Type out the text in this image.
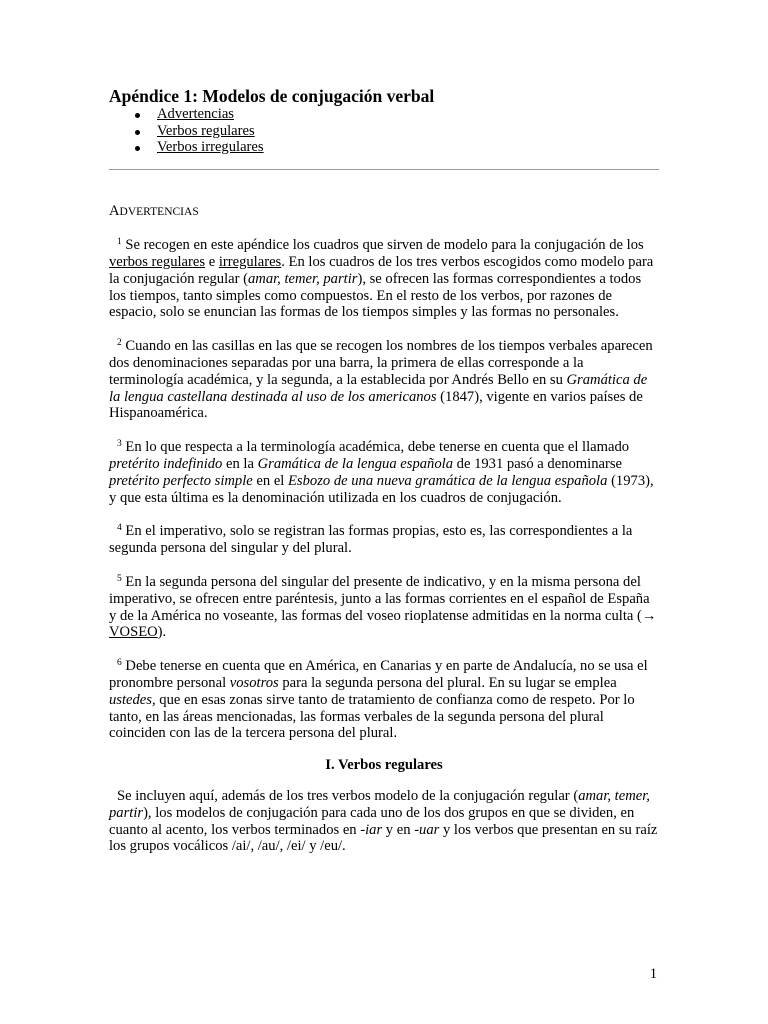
Apéndice 1: Modelos de conjugación verbal
Advertencias
Verbos regulares
Verbos irregulares
ADVERTENCIAS

$^1$ Se recogen en este apéndice los cuadros que sirven de modelo para la conjugación de los verbos regulares e irregulares. En los cuadros de los tres verbos escogidos como modelo para la conjugación regular (amar, temer, partir), se ofrecen las formas correspondientes a todos los tiempos, tanto simples como compuestos. En el resto de los verbos, por razones de espacio, solo se enuncian las formas de los tiempos simples y las formas no personales.

$^2$ Cuando en las casillas en las que se recogen los nombres de los tiempos verbales aparecen dos denominaciones separadas por una barra, la primera de ellas corresponde a la terminología académica, y la segunda, a la establecida por Andrés Bello en su Gramática de la lengua castellana destinada al uso de los americanos (1847), vigente en varios países de Hispanoamérica.

$^3$ En lo que respecta a la terminología académica, debe tenerse en cuenta que el llamado pretérito indefinido en la Gramática de la lengua española de 1931 pasó a denominarse pretérito perfecto simple en el Esbozo de una nueva gramática de la lengua española (1973), y que esta última es la denominación utilizada en los cuadros de conjugación.

$^4$ En el imperativo, solo se registran las formas propias, esto es, las correspondientes a la segunda persona del singular y del plural.

$^5$ En la segunda persona del singular del presente de indicativo, y en la misma persona del imperativo, se ofrecen entre paréntesis, junto a las formas corrientes en el español de España y de la América no voseante, las formas del voseo rioplatense admitidas en la norma culta (→ VOSEO).

$^6$ Debe tenerse en cuenta que en América, en Canarias y en parte de Andalucía, no se usa el pronombre personal vosotros para la segunda persona del plural. En su lugar se emplea ustedes, que en esas zonas sirve tanto de tratamiento de confianza como de respeto. Por lo tanto, en las áreas mencionadas, las formas verbales de la segunda persona del plural coinciden con las de la tercera persona del plural.

I. Verbos regulares

Se incluyen aquí, además de los tres verbos modelo de la conjugación regular (amar, temer, partir), los modelos de conjugación para cada uno de los dos grupos en que se dividen, en cuanto al acento, los verbos terminados en -iar y en -uar y los verbos que presentan en su raíz los grupos vocálicos /ai/, /au/, /ei/ y /eu/.

1
